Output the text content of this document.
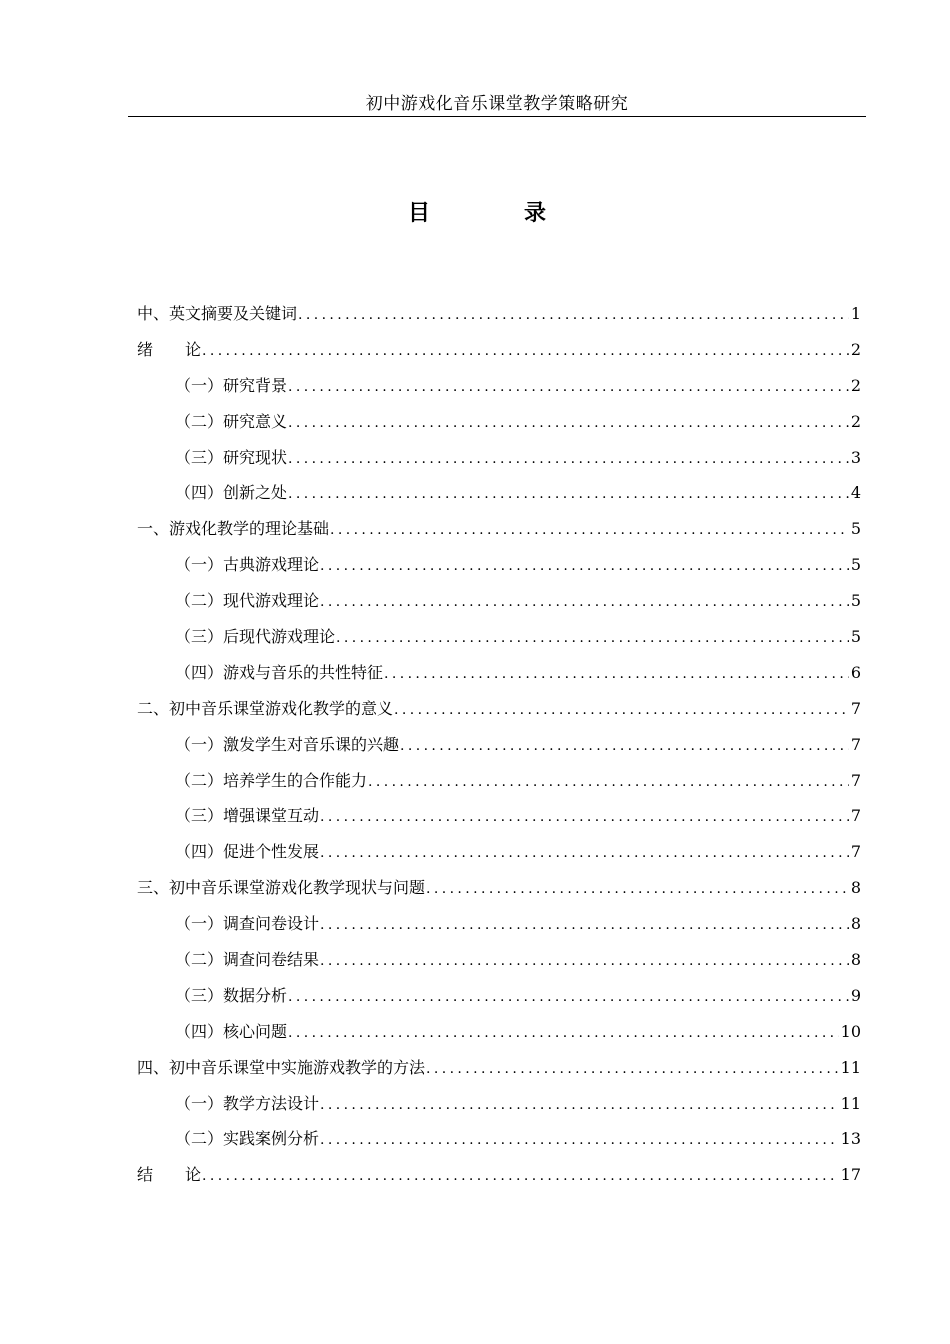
初中游戏化音乐课堂教学策略研究
目　录
中、英文摘要及关键词 .....	1
绪　　论 .....	2
（一）研究背景 .....	2
（二）研究意义 .....	2
（三）研究现状 .....	3
（四）创新之处 .....	4
一、游戏化教学的理论基础 .....	5
（一）古典游戏理论 .....	5
（二）现代游戏理论 .....	5
（三）后现代游戏理论 .....	5
（四）游戏与音乐的共性特征 .....	6
二、初中音乐课堂游戏化教学的意义 .....	7
（一）激发学生对音乐课的兴趣 .....	7
（二）培养学生的合作能力 .....	7
（三）增强课堂互动 .....	7
（四）促进个性发展 .....	7
三、初中音乐课堂游戏化教学现状与问题 .....	8
（一）调查问卷设计 .....	8
（二）调查问卷结果 .....	8
（三）数据分析 .....	9
（四）核心问题 .....	10
四、初中音乐课堂中实施游戏教学的方法 .....	11
（一）教学方法设计 .....	11
（二）实践案例分析 .....	13
结　　论 .....	17
